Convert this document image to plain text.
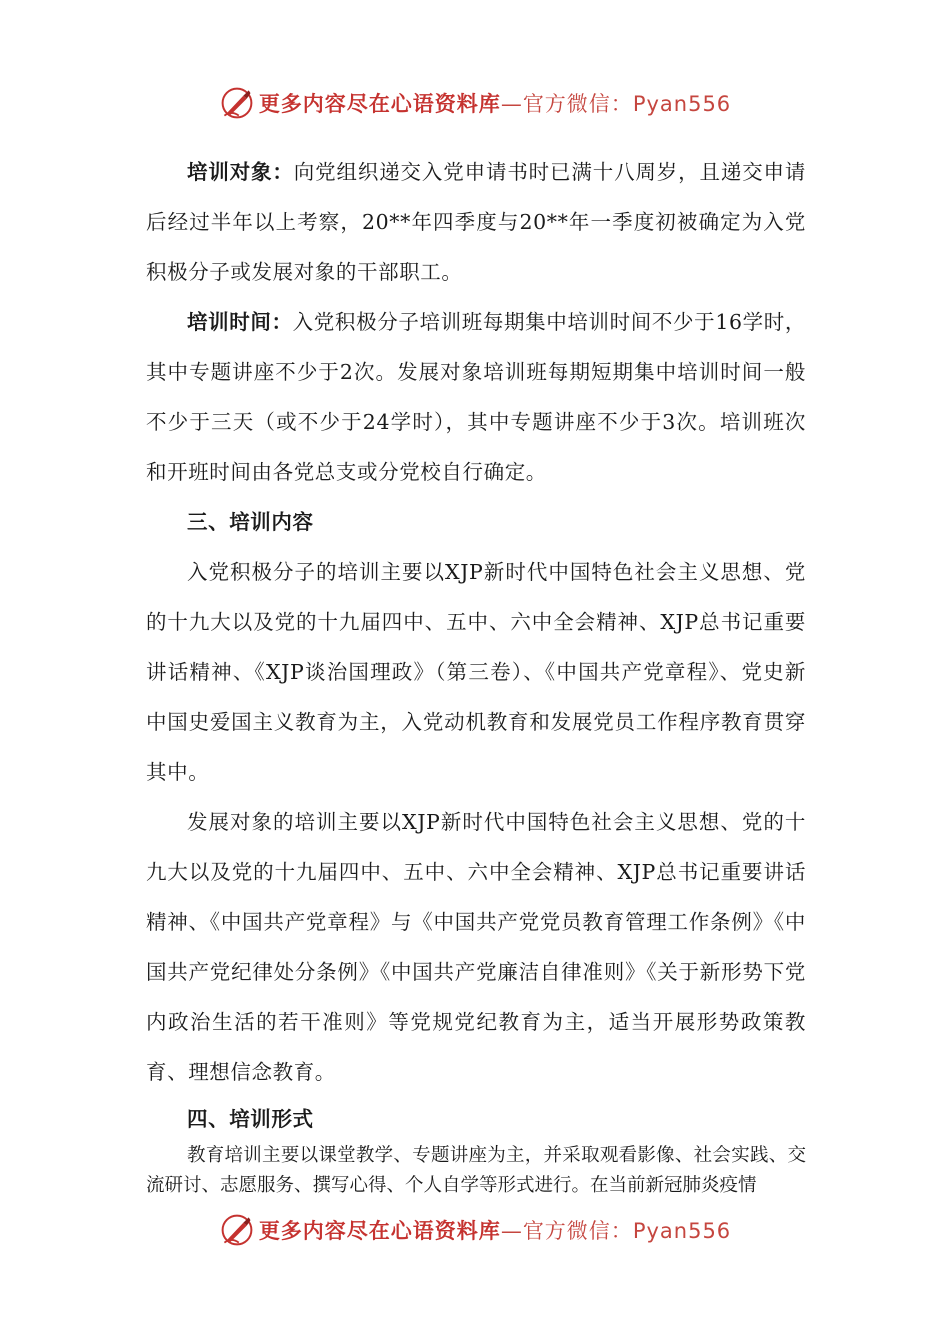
更多内容尽在心语资料库—官方微信：Pyan556

培训对象：向党组织递交入党申请书时已满十八周岁，且递交申请后经过半年以上考察，20**年四季度与20**年一季度初被确定为入党积极分子或发展对象的干部职工。

培训时间：入党积极分子培训班每期集中培训时间不少于16学时，其中专题讲座不少于2次。发展对象培训班每期短期集中培训时间一般不少于三天（或不少于24学时），其中专题讲座不少于3次。培训班次和开班时间由各党总支或分党校自行确定。

三、培训内容

入党积极分子的培训主要以XJP新时代中国特色社会主义思想、党的十九大以及党的十九届四中、五中、六中全会精神、XJP总书记重要讲话精神、《XJP谈治国理政》（第三卷）、《中国共产党章程》、党史新中国史爱国主义教育为主，入党动机教育和发展党员工作程序教育贯穿其中。

发展对象的培训主要以XJP新时代中国特色社会主义思想、党的十九大以及党的十九届四中、五中、六中全会精神、XJP总书记重要讲话精神、《中国共产党章程》与《中国共产党党员教育管理工作条例》《中国共产党纪律处分条例》《中国共产党廉洁自律准则》《关于新形势下党内政治生活的若干准则》等党规党纪教育为主，适当开展形势政策教育、理想信念教育。

四、培训形式

教育培训主要以课堂教学、专题讲座为主，并采取观看影像、社会实践、交流研讨、志愿服务、撰写心得、个人自学等形式进行。在当前新冠肺炎疫情

更多内容尽在心语资料库—官方微信：Pyan556
